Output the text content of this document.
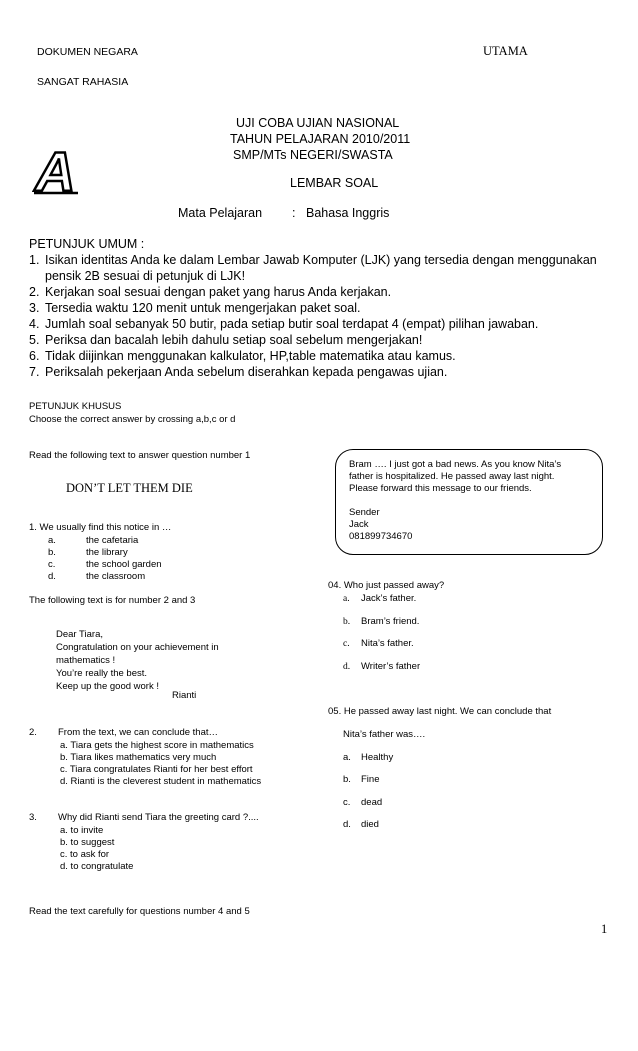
DOKUMEN NEGARA	UTAMA
SANGAT RAHASIA
A
UJI COBA UJIAN NASIONAL
TAHUN PELAJARAN 2010/2011
SMP/MTs NEGERI/SWASTA
LEMBAR SOAL
Mata Pelajaran : Bahasa Inggris
PETUNJUK UMUM :
1. Isikan identitas Anda ke dalam Lembar Jawab Komputer (LJK) yang tersedia dengan menggunakan
pensik 2B sesuai di petunjuk di LJK!
2. Kerjakan soal sesuai dengan paket yang harus Anda kerjakan.
3. Tersedia waktu 120 menit untuk mengerjakan paket soal.
4. Jumlah soal sebanyak 50 butir, pada setiap butir soal terdapat 4 (empat) pilihan jawaban.
5. Periksa dan bacalah lebih dahulu setiap soal sebelum mengerjakan!
6. Tidak diijinkan menggunakan kalkulator, HP,table matematika atau kamus.
7. Periksalah pekerjaan Anda sebelum diserahkan kepada pengawas ujian.
PETUNJUK KHUSUS
Choose the correct answer by crossing a,b,c or d
Read the following text to answer question number 1
DON’T LET THEM DIE
1. We usually find this notice in …
a.	the cafetaria
b.	the library
c.	the school garden
d.	the classroom
The following text is for number 2 and 3
Dear Tiara,
Congratulation on your achievement in
mathematics !
You’re really the best.
Keep up the good work !
Rianti
2. From the text, we can conclude that…
a. Tiara gets the highest score in mathematics
b. Tiara likes mathematics very much
c. Tiara congratulates Rianti for her best effort
d. Rianti is the cleverest student in mathematics
3. Why did Rianti send Tiara the greeting card ?....
a. to invite
b. to suggest
c. to ask for
d. to congratulate
Read the text carefully for questions number 4 and 5
Bram …. I just got a bad news. As you know Nita’s
father is hospitalized. He passed away last night.
Please forward this message to our friends.
Sender
Jack
081899734670
04. Who just passed away?
a. Jack’s father.
b. Bram’s friend.
c. Nita’s father.
d. Writer’s father
05. He passed away last night. We can conclude that
Nita’s father was….
a. Healthy
b. Fine
c. dead
d. died
1
